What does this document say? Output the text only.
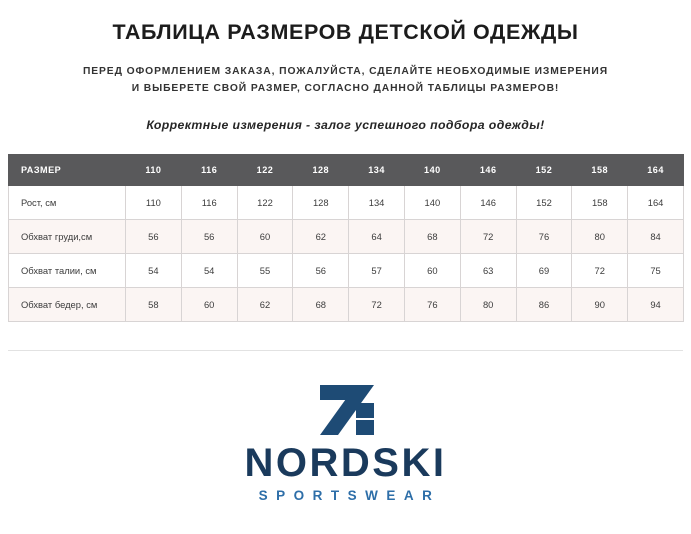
ТАБЛИЦА РАЗМЕРОВ ДЕТСКОЙ ОДЕЖДЫ

ПЕРЕД ОФОРМЛЕНИЕМ ЗАКАЗА, ПОЖАЛУЙСТА, СДЕЛАЙТЕ НЕОБХОДИМЫЕ ИЗМЕРЕНИЯ
И ВЫБЕРЕТЕ СВОЙ РАЗМЕР, СОГЛАСНО ДАННОЙ ТАБЛИЦЫ РАЗМЕРОВ!

Корректные измерения - залог успешного подбора одежды!

РАЗМЕР	110	116	122	128	134	140	146	152	158	164
Рост, см	110	116	122	128	134	140	146	152	158	164
Обхват груди,см	56	56	60	62	64	68	72	76	80	84
Обхват талии, см	54	54	55	56	57	60	63	69	72	75
Обхват бедер, см	58	60	62	68	72	76	80	86	90	94
NORDSKI
SPORTSWEAR
